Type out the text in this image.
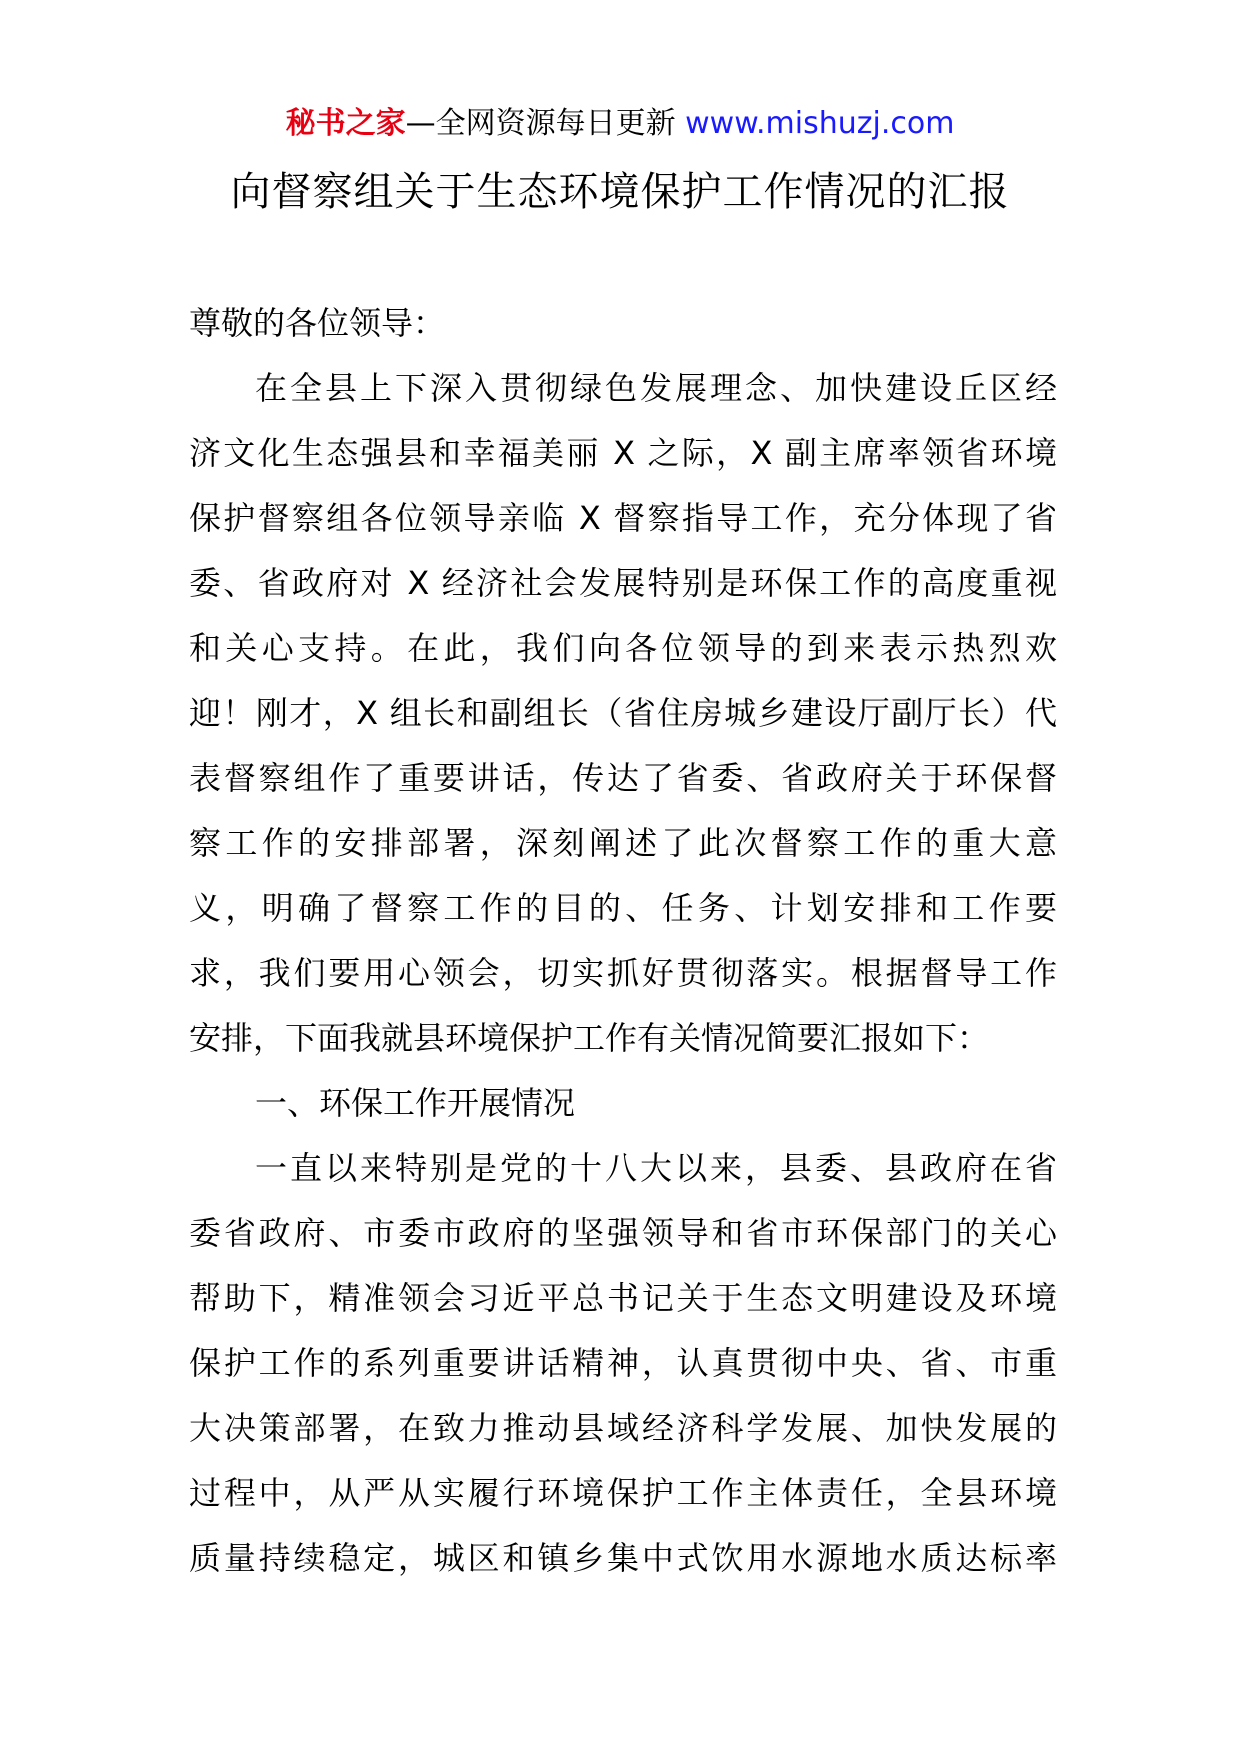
秘书之家—全网资源每日更新 www.mishuzj.com
向督察组关于生态环境保护工作情况的汇报
尊敬的各位领导：
在全县上下深入贯彻绿色发展理念、加快建设丘区经
济文化生态强县和幸福美丽 X 之际，X 副主席率领省环境
保护督察组各位领导亲临 X 督察指导工作，充分体现了省
委、省政府对 X 经济社会发展特别是环保工作的高度重视
和关心支持。在此，我们向各位领导的到来表示热烈欢
迎！刚才，X 组长和副组长（省住房城乡建设厅副厅长）代
表督察组作了重要讲话，传达了省委、省政府关于环保督
察工作的安排部署，深刻阐述了此次督察工作的重大意
义，明确了督察工作的目的、任务、计划安排和工作要
求，我们要用心领会，切实抓好贯彻落实。根据督导工作
安排，下面我就县环境保护工作有关情况简要汇报如下：
一、环保工作开展情况
一直以来特别是党的十八大以来，县委、县政府在省
委省政府、市委市政府的坚强领导和省市环保部门的关心
帮助下，精准领会习近平总书记关于生态文明建设及环境
保护工作的系列重要讲话精神，认真贯彻中央、省、市重
大决策部署，在致力推动县域经济科学发展、加快发展的
过程中，从严从实履行环境保护工作主体责任，全县环境
质量持续稳定，城区和镇乡集中式饮用水源地水质达标率
